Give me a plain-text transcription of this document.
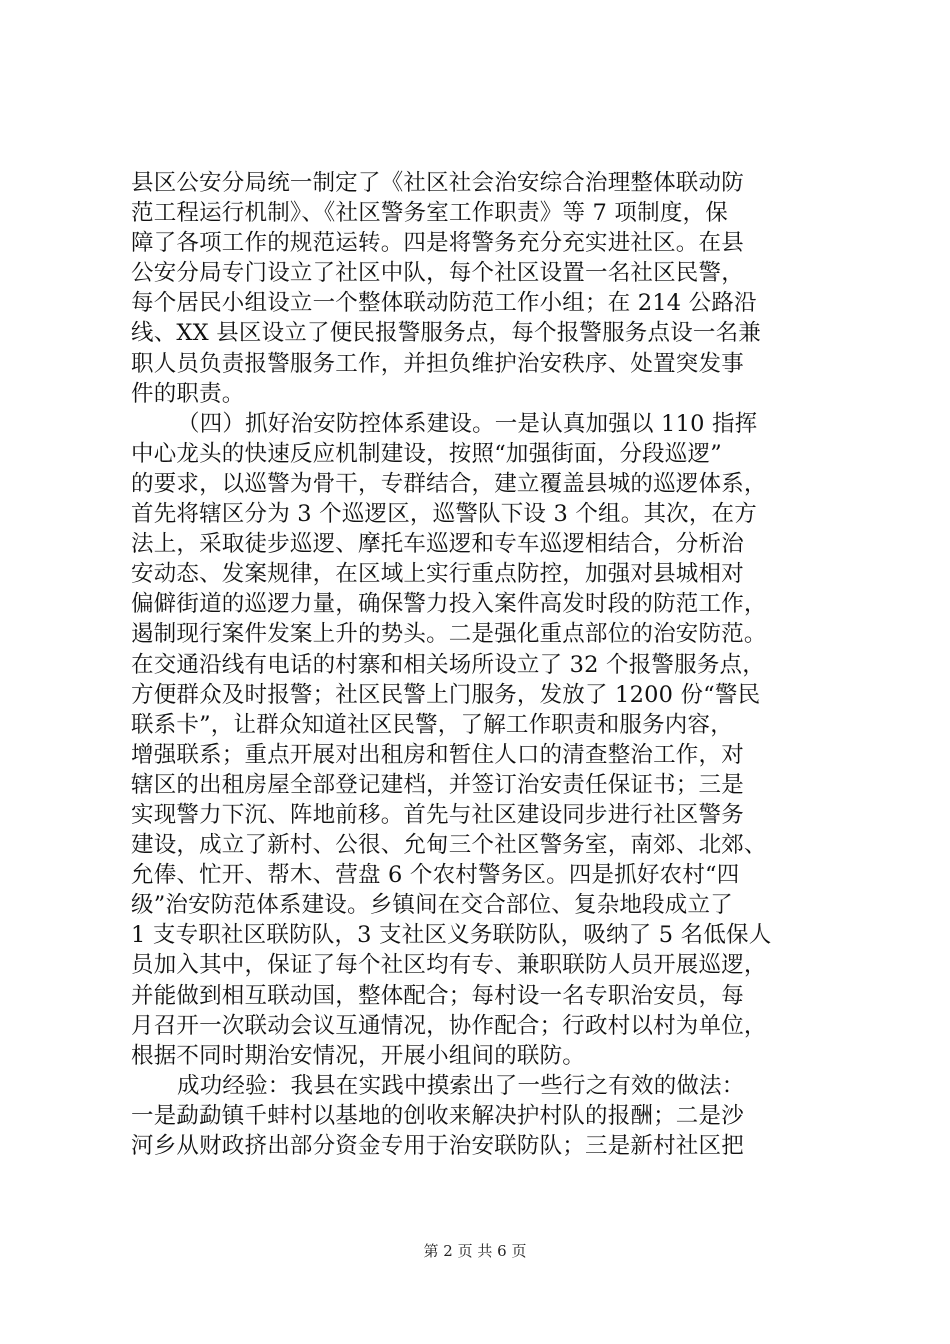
县区公安分局统一制定了《社区社会治安综合治理整体联动防
范工程运行机制》、《社区警务室工作职责》等 7 项制度，保
障了各项工作的规范运转。四是将警务充分充实进社区。在县
公安分局专门设立了社区中队，每个社区设置一名社区民警，
每个居民小组设立一个整体联动防范工作小组；在 214 公路沿
线、XX 县区设立了便民报警服务点，每个报警服务点设一名兼
职人员负责报警服务工作，并担负维护治安秩序、处置突发事
件的职责。
（四）抓好治安防控体系建设。一是认真加强以 110 指挥
中心龙头的快速反应机制建设，按照“加强街面，分段巡逻”
的要求，以巡警为骨干，专群结合，建立覆盖县城的巡逻体系，
首先将辖区分为 3 个巡逻区，巡警队下设 3 个组。其次，在方
法上，采取徒步巡逻、摩托车巡逻和专车巡逻相结合，分析治
安动态、发案规律，在区域上实行重点防控，加强对县城相对
偏僻街道的巡逻力量，确保警力投入案件高发时段的防范工作，
遏制现行案件发案上升的势头。二是强化重点部位的治安防范。
在交通沿线有电话的村寨和相关场所设立了 32 个报警服务点，
方便群众及时报警；社区民警上门服务，发放了 1200 份“警民
联系卡”，让群众知道社区民警，了解工作职责和服务内容，
增强联系；重点开展对出租房和暂住人口的清查整治工作，对
辖区的出租房屋全部登记建档，并签订治安责任保证书；三是
实现警力下沉、阵地前移。首先与社区建设同步进行社区警务
建设，成立了新村、公很、允甸三个社区警务室，南郊、北郊、
允俸、忙开、帮木、营盘 6 个农村警务区。四是抓好农村“四
级”治安防范体系建设。乡镇间在交合部位、复杂地段成立了
1 支专职社区联防队，3 支社区义务联防队，吸纳了 5 名低保人
员加入其中，保证了每个社区均有专、兼职联防人员开展巡逻，
并能做到相互联动国，整体配合；每村设一名专职治安员，每
月召开一次联动会议互通情况，协作配合；行政村以村为单位，
根据不同时期治安情况，开展小组间的联防。
成功经验：我县在实践中摸索出了一些行之有效的做法：
一是勐勐镇千蚌村以基地的创收来解决护村队的报酬；二是沙
河乡从财政挤出部分资金专用于治安联防队；三是新村社区把
第 2 页 共 6 页
